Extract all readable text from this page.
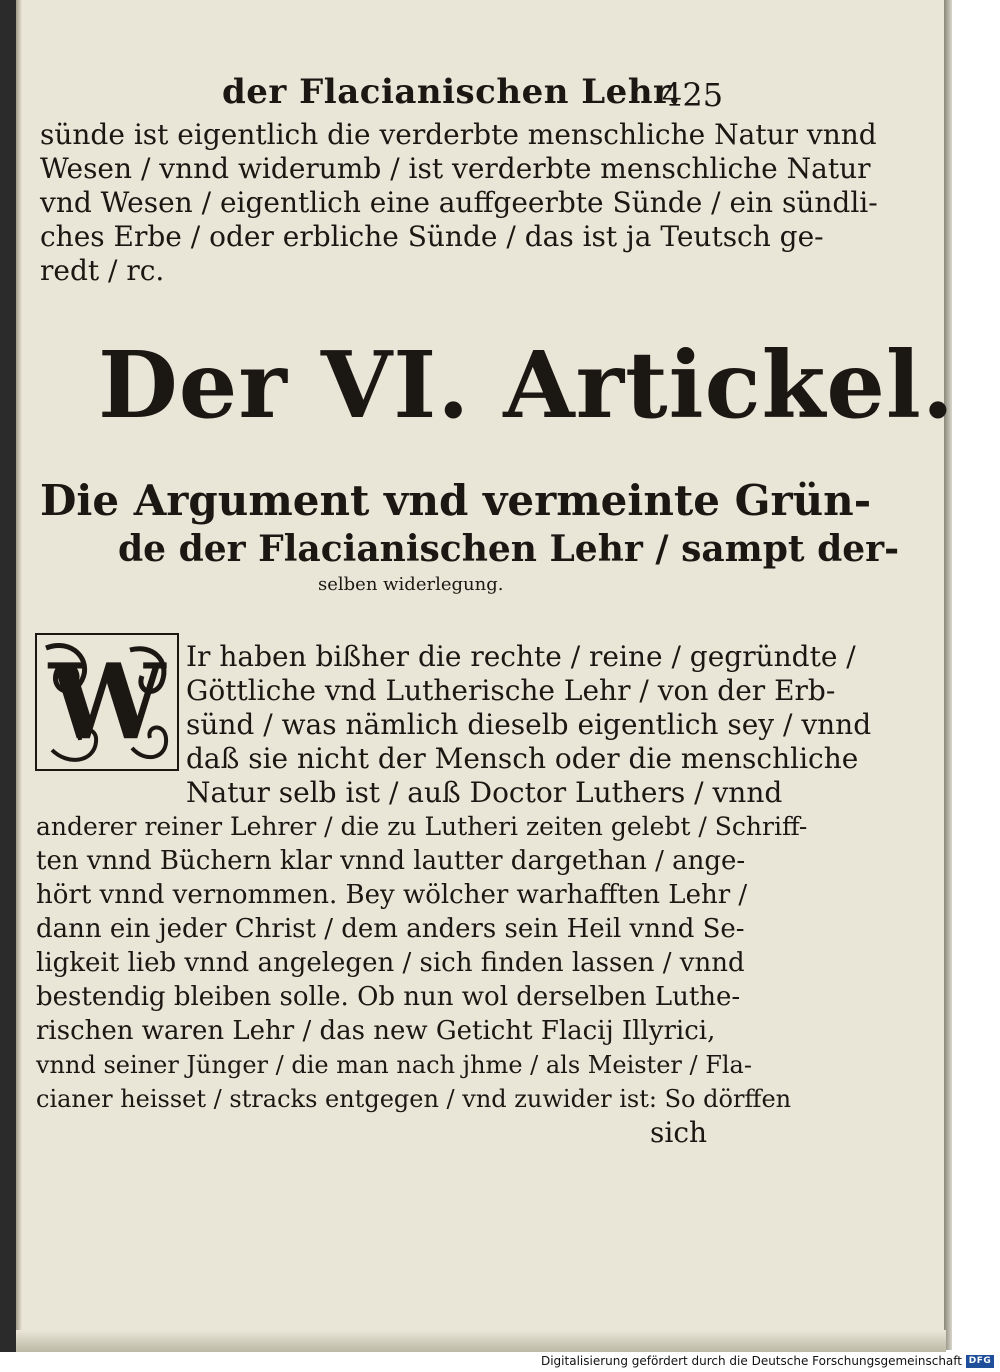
der Flacianischen Lehr.
425
sünde ist eigentlich die verderbte menschliche Natur vnnd
Wesen / vnnd widerumb / ist verderbte menschliche Natur
vnd Wesen / eigentlich eine auffgeerbte Sünde / ein sündli-
ches Erbe / oder erbliche Sünde / das ist ja Teutsch ge-
redt / rc.
Der VI. Artickel.
Die Argument vnd vermeinte Grün-
de der Flacianischen Lehr / sampt der-
selben widerlegung.
W Ir haben bißher die rechte / reine / gegründte /
Göttliche vnd Lutherische Lehr / von der Erb-
sünd / was nämlich dieselb eigentlich sey / vnnd
daß sie nicht der Mensch oder die menschliche
Natur selb ist / auß Doctor Luthers / vnnd
anderer reiner Lehrer / die zu Lutheri zeiten gelebt / Schriff-
ten vnnd Büchern klar vnnd lautter dargethan / ange-
hört vnnd vernommen. Bey wölcher warhafften Lehr /
dann ein jeder Christ / dem anders sein Heil vnnd Se-
ligkeit lieb vnnd angelegen / sich finden lassen / vnnd
bestendig bleiben solle. Ob nun wol derselben Luthe-
rischen waren Lehr / das new Geticht Flacij Illyrici,
vnnd seiner Jünger / die man nach jhme / als Meister / Fla-
cianer heisset / stracks entgegen / vnd zuwider ist: So dörffen
sich
Digitalisierung gefördert durch die Deutsche Forschungsgemeinschaft DFG
